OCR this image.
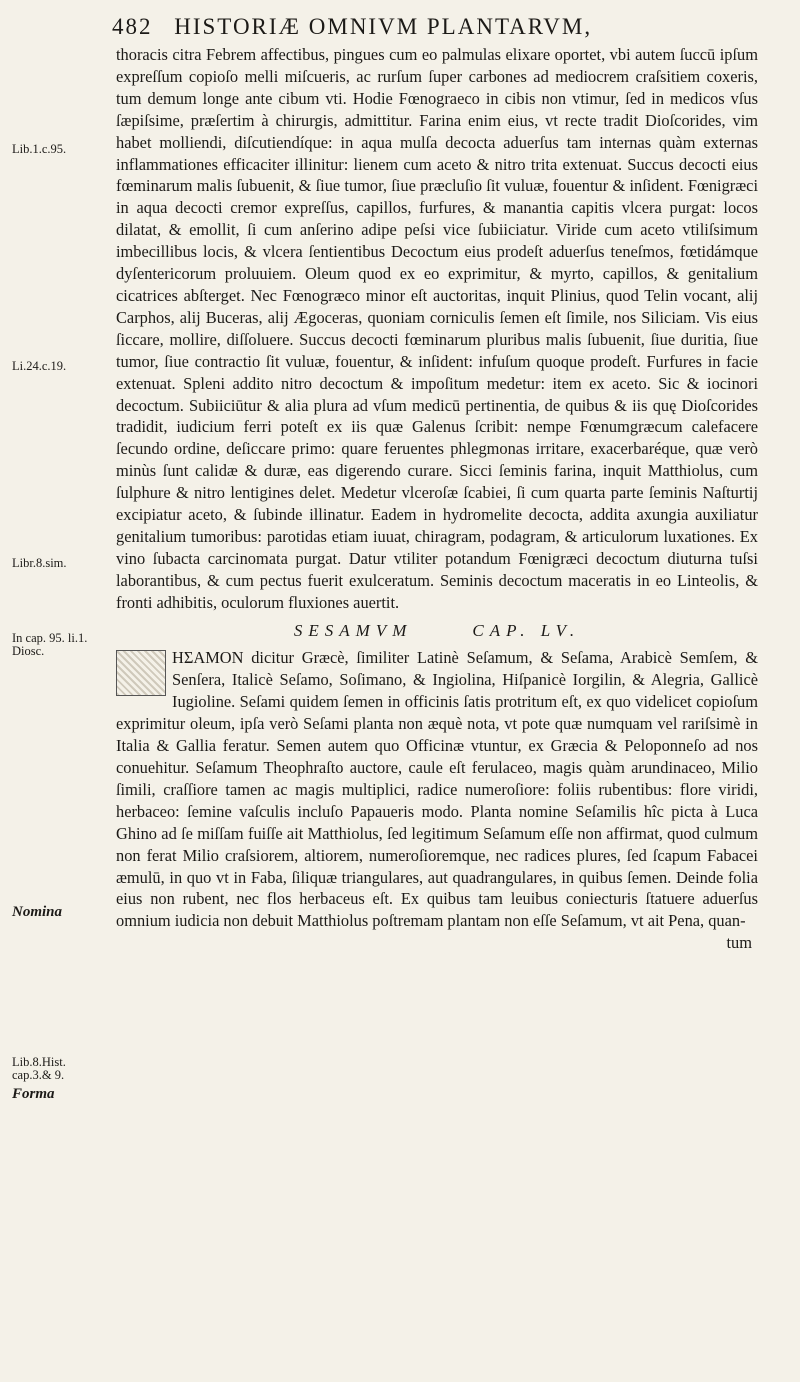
482 HISTORIÆ OMNIVM PLANTARVM,
Lib.1.c.95.
Li.24.c.19.
Libr.8.sim.
In cap. 95. li.1. Diosc.
Nomina
Lib.8.Hist. cap.3.& 9.
Forma

thoracis citra Febrem affectibus, pingues cum eo palmulas elixare oportet, vbi autem ſuccū ipſum expreſſum copioſo melli miſcueris, ac rurſum ſuper carbones ad mediocrem craſsitiem coxeris, tum demum longe ante cibum vti. Hodie Fœnograeco in cibis non vtimur, ſed in medicos vſus ſæpiſsime, præſertim à chirurgis, admittitur. Farina enim eius, vt recte tradit Dioſcorides, vim habet molliendi, diſcutiendíque: in aqua mulſa decocta aduerſus tam internas quàm externas inflammationes efficaciter illinitur: lienem cum aceto & nitro trita extenuat. Succus decocti eius fœminarum malis ſubuenit, & ſiue tumor, ſiue præcluſio ſit vuluæ, fouentur & inſident. Fœnigræci in aqua decocti cremor expreſſus, capillos, furfures, & manantia capitis vlcera purgat: locos dilatat, & emollit, ſi cum anſerino adipe peſsi vice ſubiiciatur. Viride cum aceto vtiliſsimum imbecillibus locis, & vlcera ſentientibus Decoctum eius prodeſt aduerſus teneſmos, fœtidámque dyſentericorum proluuiem. Oleum quod ex eo exprimitur, & myrto, capillos, & genitalium cicatrices abſterget. Nec Fœnogræco minor eſt auctoritas, inquit Plinius, quod Telin vocant, alij Carphos, alij Buceras, alij Ægoceras, quoniam corniculis ſemen eſt ſimile, nos Siliciam. Vis eius ſiccare, mollire, diſſoluere. Succus decocti fœminarum pluribus malis ſubuenit, ſiue duritia, ſiue tumor, ſiue contractio ſit vuluæ, fouentur, & inſident: infuſum quoque prodeſt. Furfures in facie extenuat. Spleni addito nitro decoctum & impoſitum medetur: item ex aceto. Sic & iocinori decoctum. Subiiciūtur & alia plura ad vſum medicū pertinentia, de quibus & iis quę Dioſcorides tradidit, iudicium ferri poteſt ex iis quæ Galenus ſcribit: nempe Fœnumgræcum calefacere ſecundo ordine, deſiccare primo: quare feruentes phlegmonas irritare, exacerbaréque, quæ verò minùs ſunt calidæ & duræ, eas digerendo curare. Sicci ſeminis farina, inquit Matthiolus, cum ſulphure & nitro lentigines delet. Medetur vlceroſæ ſcabiei, ſi cum quarta parte ſeminis Naſturtij excipiatur aceto, & ſubinde illinatur. Eadem in hydromelite decocta, addita axungia auxiliatur genitalium tumoribus: parotidas etiam iuuat, chiragram, podagram, & articulorum luxationes. Ex vino ſubacta carcinomata purgat. Datur vtiliter potandum Fœnigræci decoctum diuturna tuſsi laborantibus, & cum pectus fuerit exulceratum. Seminis decoctum maceratis in eo Linteolis, & fronti adhibitis, oculorum fluxiones auertit.

SESAMVM	CAP. LV.

ΗΣΑΜΟΝ dicitur Græcè, ſimiliter Latinè Seſamum, & Seſama, Arabicè Semſem, & Senſera, Italicè Seſamo, Soſimano, & Ingiolina, Hiſpanicè Iorgilin, & Alegria, Gallicè Iugioline. Seſami quidem ſemen in officinis ſatis protritum eſt, ex quo videlicet copioſum exprimitur oleum, ipſa verò Seſami planta non æquè nota, vt pote quæ numquam vel rariſsimè in Italia & Gallia feratur. Semen autem quo Officinæ vtuntur, ex Græcia & Peloponneſo ad nos conuehitur. Seſamum Theophraſto auctore, caule eſt ferulaceo, magis quàm arundinaceo, Milio ſimili, craſſiore tamen ac magis multiplici, radice numeroſiore: foliis rubentibus: flore viridi, herbaceo: ſemine vaſculis incluſo Papaueris modo. Planta nomine Seſamilis hîc picta à Luca Ghino ad ſe miſſam fuiſſe ait Matthiolus, ſed legitimum Seſamum eſſe non affirmat, quod culmum non ferat Milio craſsiorem, altiorem, numeroſioremque, nec radices plures, ſed ſcapum Fabacei æmulū, in quo vt in Faba, ſiliquæ triangulares, aut quadrangulares, in quibus ſemen. Deinde folia eius non rubent, nec flos herbaceus eſt. Ex quibus tam leuibus coniecturis ſtatuere aduerſus omnium iudicia non debuit Matthiolus poſtremam plantam non eſſe Seſamum, vt ait Pena, quan-

tum
